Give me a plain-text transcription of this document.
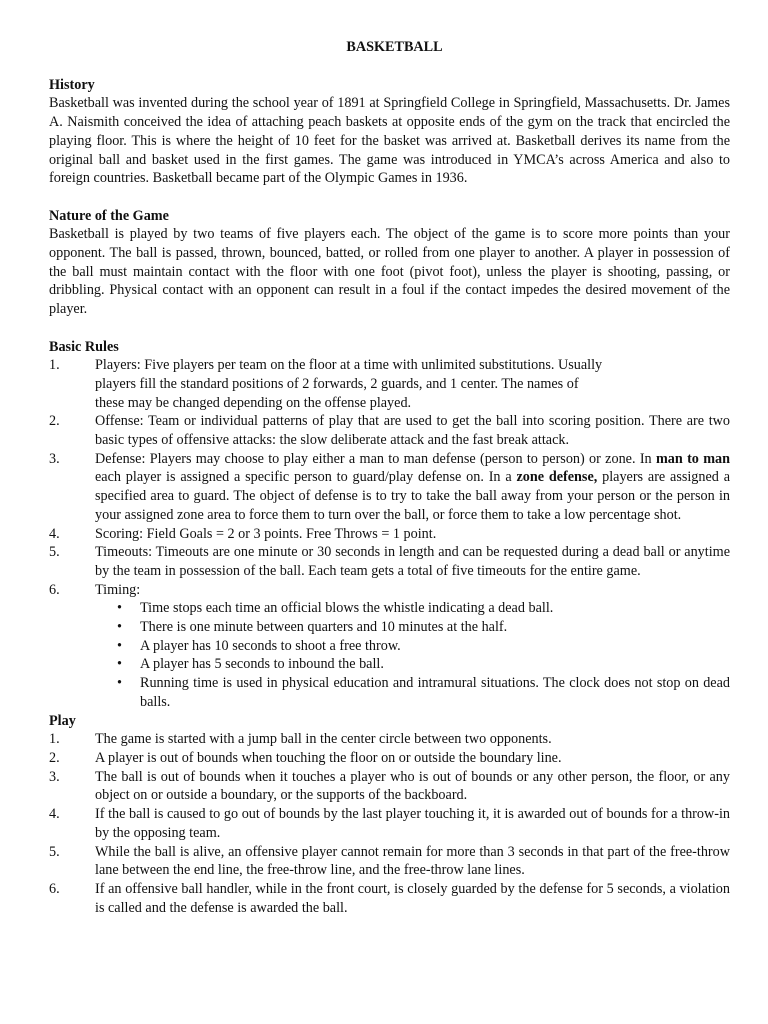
BASKETBALL
History

Basketball was invented during the school year of 1891 at Springfield College in Springfield, Massachusetts. Dr. James A. Naismith conceived the idea of attaching peach baskets at opposite ends of the gym on the track that encircled the playing floor. This is where the height of 10 feet for the basket was arrived at. Basketball derives its name from the original ball and basket used in the first games. The game was introduced in YMCA’s across America and also to foreign countries. Basketball became part of the Olympic Games in 1936.

Nature of the Game

Basketball is played by two teams of five players each. The object of the game is to score more points than your opponent. The ball is passed, thrown, bounced, batted, or rolled from one player to another. A player in possession of the ball must maintain contact with the floor with one foot (pivot foot), unless the player is shooting, passing, or dribbling. Physical contact with an opponent can result in a foul if the contact impedes the desired movement of the player.

Basic Rules
1. Players: Five players per team on the floor at a time with unlimited substitutions. Usually
players fill the standard positions of 2 forwards, 2 guards, and 1 center. The names of
these may be changed depending on the offense played.
2. Offense: Team or individual patterns of play that are used to get the ball into scoring position. There are two basic types of offensive attacks: the slow deliberate attack and the fast break attack.
3. Defense: Players may choose to play either a man to man defense (person to person) or zone. In man to man each player is assigned a specific person to guard/play defense on. In a zone defense, players are assigned a specified area to guard. The object of defense is to try to take the ball away from your person or the person in your assigned zone area to force them to turn over the ball, or force them to take a low percentage shot.
4. Scoring: Field Goals = 2 or 3 points. Free Throws = 1 point.
5. Timeouts: Timeouts are one minute or 30 seconds in length and can be requested during a dead ball or anytime by the team in possession of the ball. Each team gets a total of five timeouts for the entire game.
6. Timing:
• Time stops each time an official blows the whistle indicating a dead ball.
• There is one minute between quarters and 10 minutes at the half.
• A player has 10 seconds to shoot a free throw.
• A player has 5 seconds to inbound the ball.
• Running time is used in physical education and intramural situations. The clock does not stop on dead balls.
Play
1. The game is started with a jump ball in the center circle between two opponents.
2. A player is out of bounds when touching the floor on or outside the boundary line.
3. The ball is out of bounds when it touches a player who is out of bounds or any other person, the floor, or any object on or outside a boundary, or the supports of the backboard.
4. If the ball is caused to go out of bounds by the last player touching it, it is awarded out of bounds for a throw-in by the opposing team.
5. While the ball is alive, an offensive player cannot remain for more than 3 seconds in that part of the free-throw lane between the end line, the free-throw line, and the free-throw lane lines.
6. If an offensive ball handler, while in the front court, is closely guarded by the defense for 5 seconds, a violation is called and the defense is awarded the ball.
